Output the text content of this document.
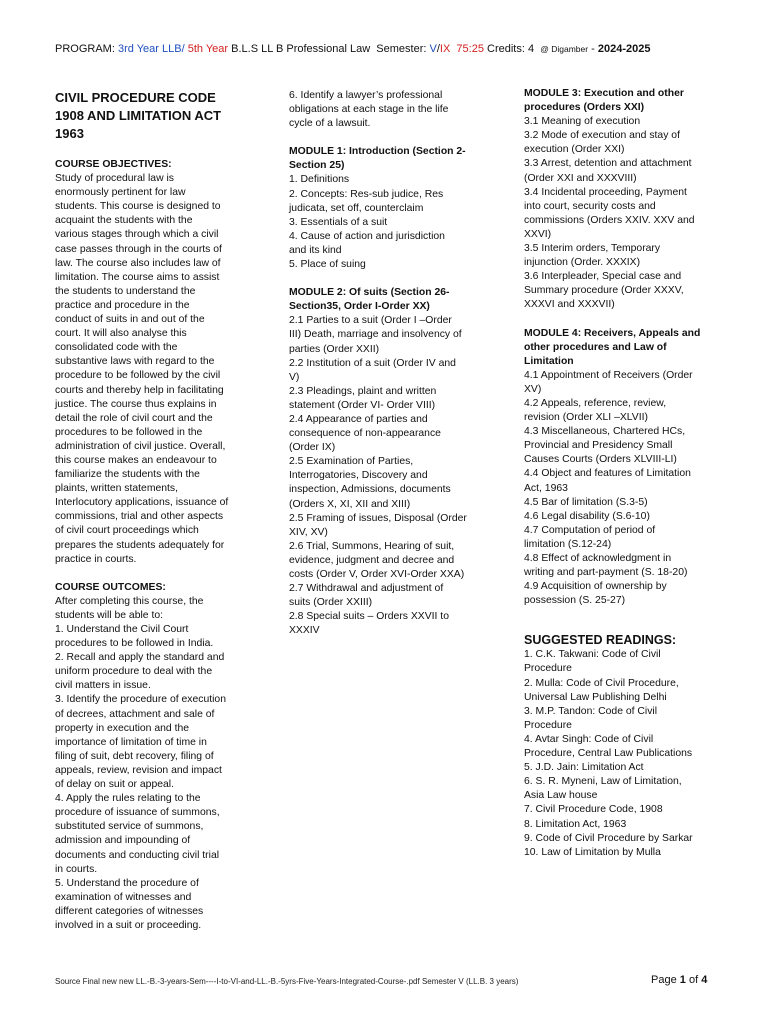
PROGRAM: 3rd Year LLB/ 5th Year B.L.S LL B Professional Law Semester: V/IX 75:25 Credits: 4 @ Digamber - 2024-2025
CIVIL PROCEDURE CODE
1908 AND LIMITATION ACT
1963
COURSE OBJECTIVES:
Study of procedural law is
enormously pertinent for law
students. This course is designed to
acquaint the students with the
various stages through which a civil
case passes through in the courts of
law. The course also includes law of
limitation. The course aims to assist
the students to understand the
practice and procedure in the
conduct of suits in and out of the
court. It will also analyse this
consolidated code with the
substantive laws with regard to the
procedure to be followed by the civil
courts and thereby help in facilitating
justice. The course thus explains in
detail the role of civil court and the
procedures to be followed in the
administration of civil justice. Overall,
this course makes an endeavour to
familiarize the students with the
plaints, written statements,
Interlocutory applications, issuance of
commissions, trial and other aspects
of civil court proceedings which
prepares the students adequately for
practice in courts.
COURSE OUTCOMES:
After completing this course, the
students will be able to:
1. Understand the Civil Court
procedures to be followed in India.
2. Recall and apply the standard and
uniform procedure to deal with the
civil matters in issue.
3. Identify the procedure of execution
of decrees, attachment and sale of
property in execution and the
importance of limitation of time in
filing of suit, debt recovery, filing of
appeals, review, revision and impact
of delay on suit or appeal.
4. Apply the rules relating to the
procedure of issuance of summons,
substituted service of summons,
admission and impounding of
documents and conducting civil trial
in courts.
5. Understand the procedure of
examination of witnesses and
different categories of witnesses
involved in a suit or proceeding.
6. Identify a lawyer’s professional
obligations at each stage in the life
cycle of a lawsuit.
MODULE 1: Introduction (Section 2-
Section 25)
1. Definitions
2. Concepts: Res-sub judice, Res
judicata, set off, counterclaim
3. Essentials of a suit
4. Cause of action and jurisdiction
and its kind
5. Place of suing
MODULE 2: Of suits (Section 26-
Section35, Order I-Order XX)
2.1 Parties to a suit (Order I –Order
III) Death, marriage and insolvency of
parties (Order XXII)
2.2 Institution of a suit (Order IV and
V)
2.3 Pleadings, plaint and written
statement (Order VI- Order VIII)
2.4 Appearance of parties and
consequence of non-appearance
(Order IX)
2.5 Examination of Parties,
Interrogatories, Discovery and
inspection, Admissions, documents
(Orders X, XI, XII and XIII)
2.5 Framing of issues, Disposal (Order
XIV, XV)
2.6 Trial, Summons, Hearing of suit,
evidence, judgment and decree and
costs (Order V, Order XVI-Order XXA)
2.7 Withdrawal and adjustment of
suits (Order XXIII)
2.8 Special suits – Orders XXVII to
XXXIV
MODULE 3: Execution and other
procedures (Orders XXI)
3.1 Meaning of execution
3.2 Mode of execution and stay of
execution (Order XXI)
3.3 Arrest, detention and attachment
(Order XXI and XXXVIII)
3.4 Incidental proceeding, Payment
into court, security costs and
commissions (Orders XXIV. XXV and
XXVI)
3.5 Interim orders, Temporary
injunction (Order. XXXIX)
3.6 Interpleader, Special case and
Summary procedure (Order XXXV,
XXXVI and XXXVII)
MODULE 4: Receivers, Appeals and
other procedures and Law of
Limitation
4.1 Appointment of Receivers (Order
XV)
4.2 Appeals, reference, review,
revision (Order XLI –XLVII)
4.3 Miscellaneous, Chartered HCs,
Provincial and Presidency Small
Causes Courts (Orders XLVIII-LI)
4.4 Object and features of Limitation
Act, 1963
4.5 Bar of limitation (S.3-5)
4.6 Legal disability (S.6-10)
4.7 Computation of period of
limitation (S.12-24)
4.8 Effect of acknowledgment in
writing and part-payment (S. 18-20)
4.9 Acquisition of ownership by
possession (S. 25-27)
SUGGESTED READINGS:
1. C.K. Takwani: Code of Civil
Procedure
2. Mulla: Code of Civil Procedure,
Universal Law Publishing Delhi
3. M.P. Tandon: Code of Civil
Procedure
4. Avtar Singh: Code of Civil
Procedure, Central Law Publications
5. J.D. Jain: Limitation Act
6. S. R. Myneni, Law of Limitation,
Asia Law house
7. Civil Procedure Code, 1908
8. Limitation Act, 1963
9. Code of Civil Procedure by Sarkar
10. Law of Limitation by Mulla
Source Final new new LL.-B.-3-years-Sem----I-to-VI-and-LL.-B.-5yrs-Five-Years-Integrated-Course-.pdf Semester V (LL.B. 3 years)	Page 1 of 4
